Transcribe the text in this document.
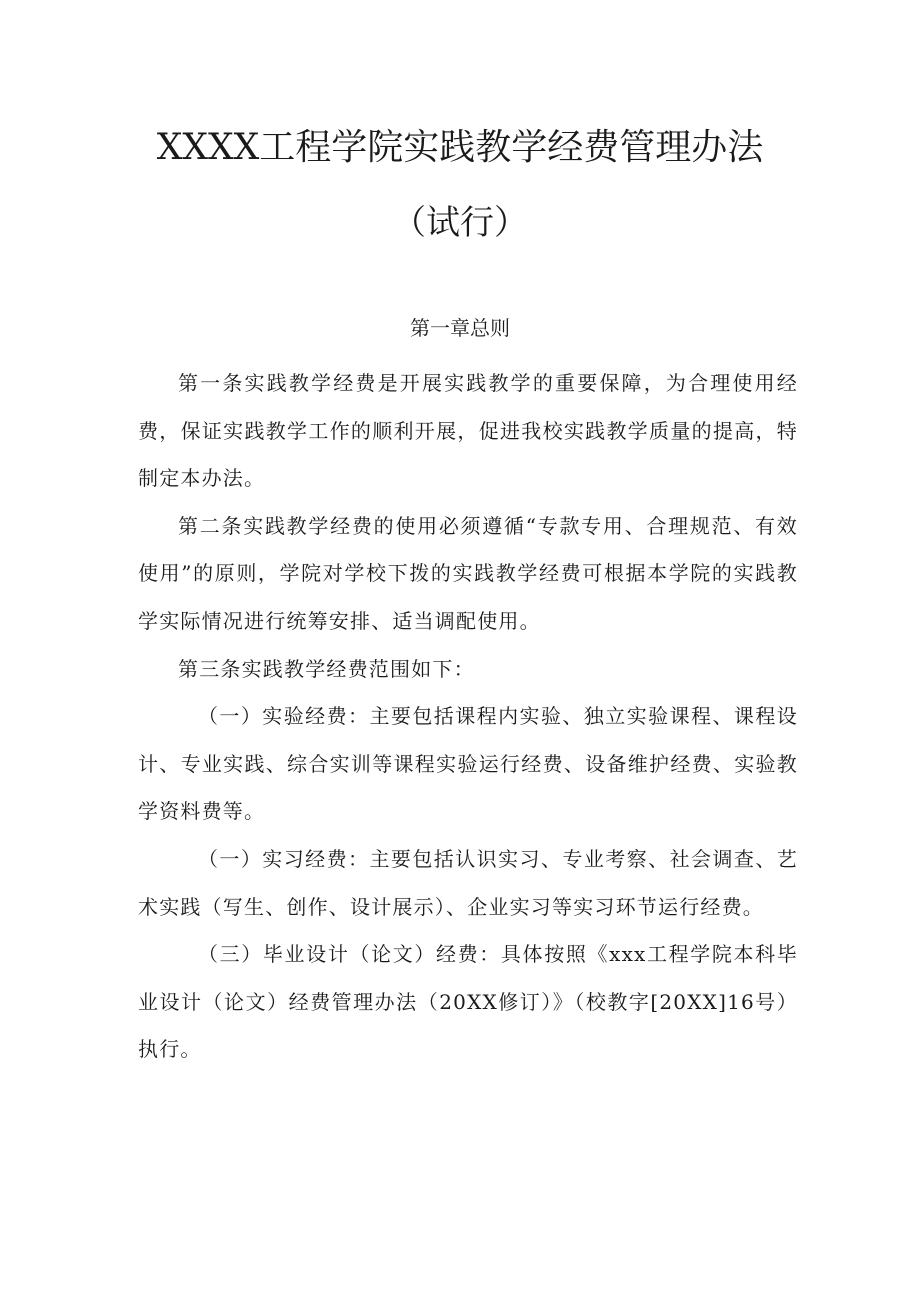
XXXX工程学院实践教学经费管理办法
（试行）
第一章总则

第一条实践教学经费是开展实践教学的重要保障，为合理使用经费，保证实践教学工作的顺利开展，促进我校实践教学质量的提高，特制定本办法。

第二条实践教学经费的使用必须遵循“专款专用、合理规范、有效使用”的原则，学院对学校下拨的实践教学经费可根据本学院的实践教学实际情况进行统筹安排、适当调配使用。

第三条实践教学经费范围如下：

（一）实验经费：主要包括课程内实验、独立实验课程、课程设计、专业实践、综合实训等课程实验运行经费、设备维护经费、实验教学资料费等。

（一）实习经费：主要包括认识实习、专业考察、社会调查、艺术实践（写生、创作、设计展示）、企业实习等实习环节运行经费。

（三）毕业设计（论文）经费：具体按照《xxx工程学院本科毕业设计（论文）经费管理办法（20XX修订）》（校教字[20XX]16号）执行。
